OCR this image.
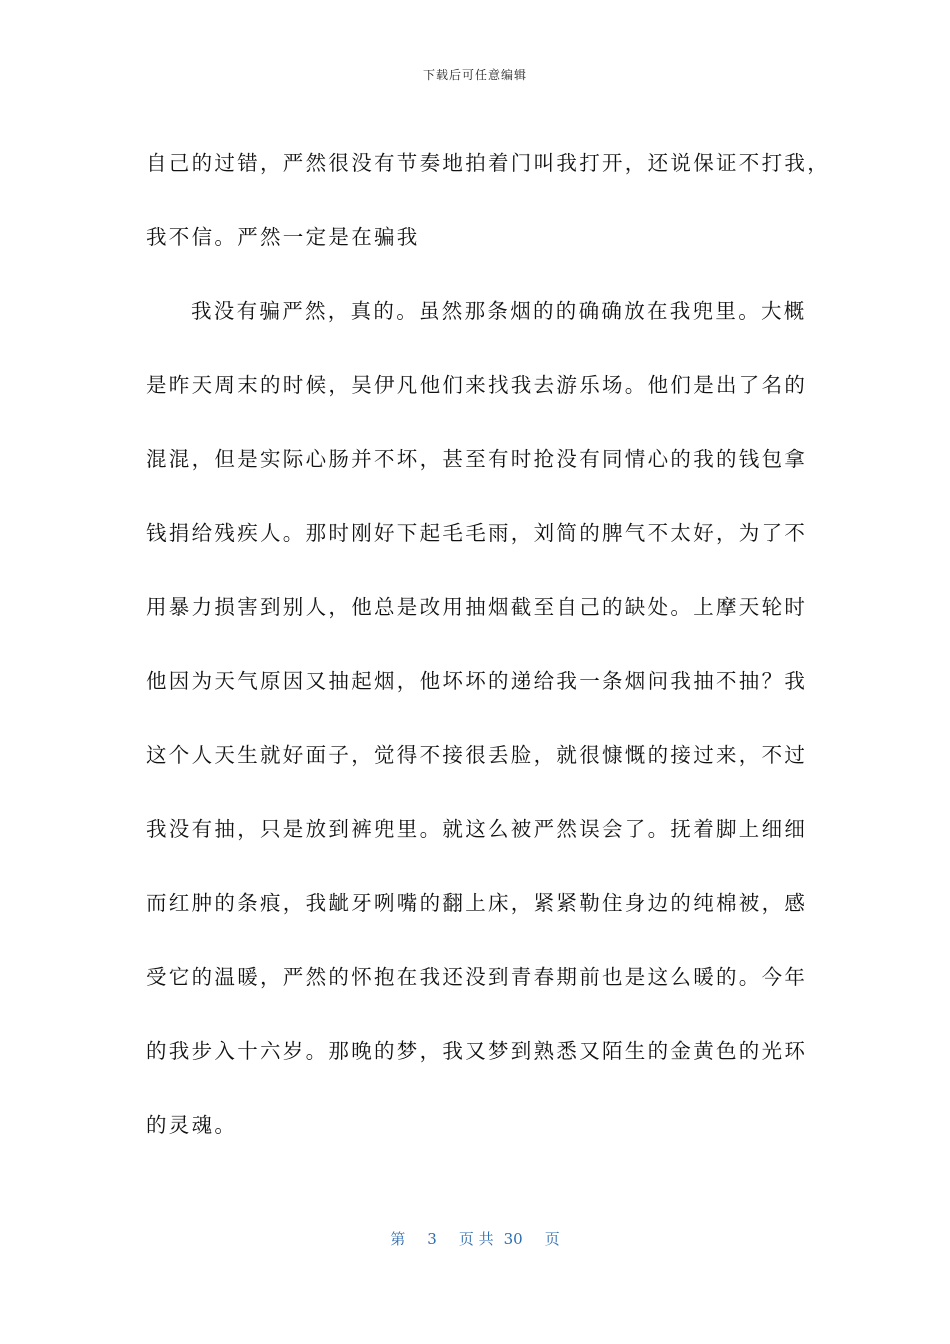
下载后可任意编辑
自己的过错，严然很没有节奏地拍着门叫我打开，还说保证不打我，
我不信。严然一定是在骗我
我没有骗严然，真的。虽然那条烟的的确确放在我兜里。大概
是昨天周末的时候，吴伊凡他们来找我去游乐场。他们是出了名的
混混，但是实际心肠并不坏，甚至有时抢没有同情心的我的钱包拿
钱捐给残疾人。那时刚好下起毛毛雨，刘简的脾气不太好，为了不
用暴力损害到别人，他总是改用抽烟截至自己的缺处。上摩天轮时
他因为天气原因又抽起烟，他坏坏的递给我一条烟问我抽不抽？我
这个人天生就好面子，觉得不接很丢脸，就很慷慨的接过来，不过
我没有抽，只是放到裤兜里。就这么被严然误会了。抚着脚上细细
而红肿的条痕，我龇牙咧嘴的翻上床，紧紧勒住身边的纯棉被，感
受它的温暖，严然的怀抱在我还没到青春期前也是这么暖的。今年
的我步入十六岁。那晚的梦，我又梦到熟悉又陌生的金黄色的光环
的灵魂。
第 3 页 共 30 页
